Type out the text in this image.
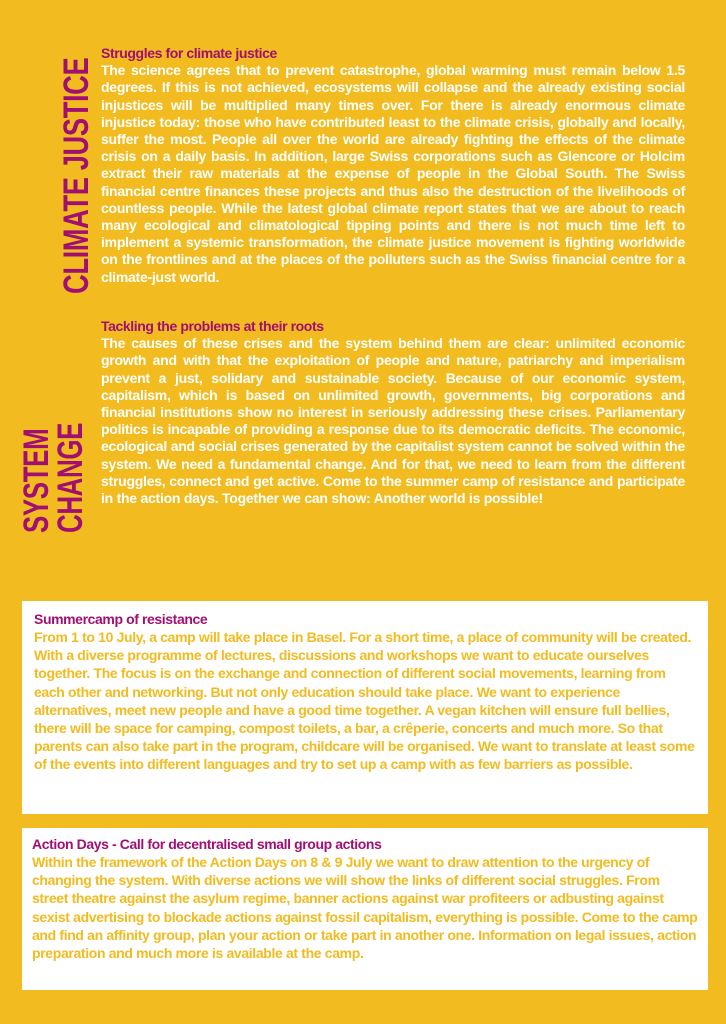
CLIMATE JUSTICE
SYSTEM
CHANGE
Struggles for climate justice
The science agrees that to prevent catastrophe, global warming must remain below 1.5 degrees. If this is not achieved, ecosystems will collapse and the already existing social injustices will be multiplied many times over. For there is already enormous climate injustice today: those who have contributed least to the climate crisis, globally and locally, suffer the most. People all over the world are already fighting the effects of the climate crisis on a daily basis. In addition, large Swiss corporations such as Glencore or Holcim extract their raw materials at the expense of people in the Global South. The Swiss financial centre finances these projects and thus also the destruction of the livelihoods of countless people. While the latest global climate report states that we are about to reach many ecological and climatological tipping points and there is not much time left to implement a systemic transformation, the climate justice movement is fighting worldwide on the frontlines and at the places of the polluters such as the Swiss financial centre for a climate-just world.
Tackling the problems at their roots
The causes of these crises and the system behind them are clear: unlimited economic growth and with that the exploitation of people and nature, patriarchy and imperialism prevent a just, solidary and sustainable society. Because of our economic system, capitalism, which is based on unlimited growth, governments, big corporations and financial institutions show no interest in seriously addressing these crises. Parliamentary politics is incapable of providing a response due to its democratic deficits. The economic, ecological and social crises generated by the capitalist system cannot be solved within the system. We need a fundamental change. And for that, we need to learn from the different struggles, connect and get active. Come to the summer camp of resistance and participate in the action days. Together we can show: Another world is possible!
Summercamp of resistance
From 1 to 10 July, a camp will take place in Basel. For a short time, a place of community will be created. With a diverse programme of lectures, discussions and workshops we want to educate ourselves together. The focus is on the exchange and connection of different social movements, learning from each other and networking. But not only education should take place. We want to experience alternatives, meet new people and have a good time together. A vegan kitchen will ensure full bellies, there will be space for camping, compost toilets, a bar, a crêperie, concerts and much more. So that parents can also take part in the program, childcare will be organised. We want to translate at least some of the events into different languages and try to set up a camp with as few barriers as possible.
Action Days - Call for decentralised small group actions
Within the framework of the Action Days on 8 & 9 July we want to draw attention to the urgency of changing the system. With diverse actions we will show the links of different social struggles. From street theatre against the asylum regime, banner actions against war profiteers or adbusting against sexist advertising to blockade actions against fossil capitalism, everything is possible. Come to the camp and find an affinity group, plan your action or take part in another one. Information on legal issues, action preparation and much more is available at the camp.
